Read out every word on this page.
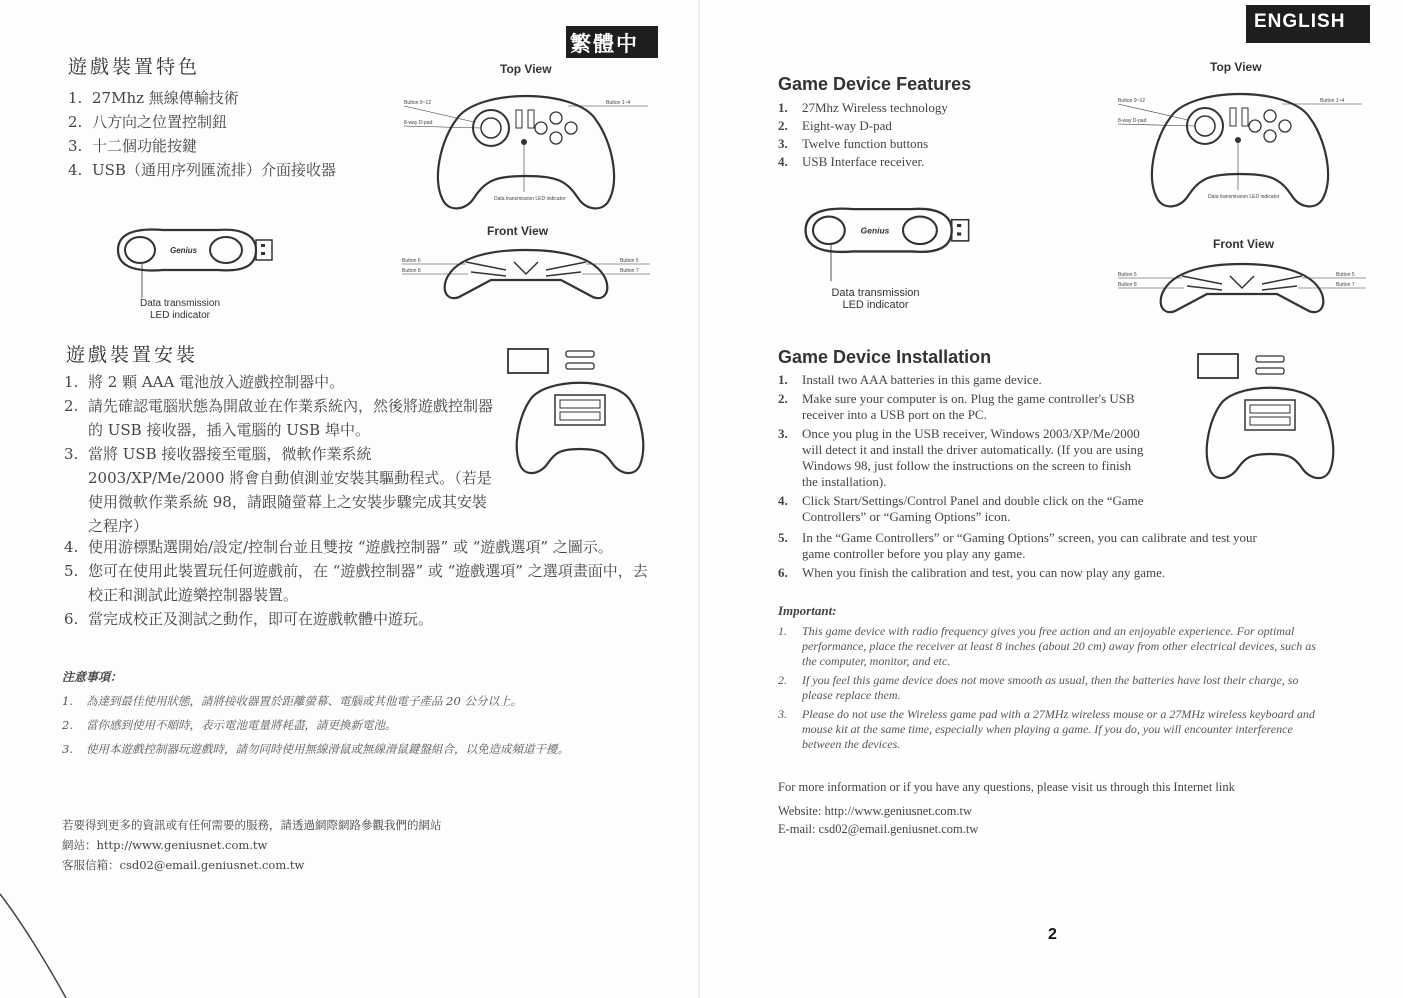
繁體中文
遊戲裝置特色
1. 27Mhz 無線傳輸技術
2. 八方向之位置控制鈕
3. 十二個功能按鍵
4. USB（通用序列匯流排）介面接收器
Top View
Button 9~12
8-way D-pad
Button 1~4
Data transmission LED indicator
Genius
Data transmission
LED indicator
Front View
Button 6
Button 8
Button 5
Button 7
遊戲裝置安裝
1. 將 2 顆 AAA 電池放入遊戲控制器中。
2. 請先確認電腦狀態為開啟並在作業系統內，然後將遊戲控制器的 USB 接收器，插入電腦的 USB 埠中。
3. 當將 USB 接收器接至電腦，微軟作業系統 2003/XP/Me/2000 將會自動偵測並安裝其驅動程式。（若是使用微軟作業系統 98，請跟隨螢幕上之安裝步驟完成其安裝之程序）
4. 使用游標點選開始/設定/控制台並且雙按 “遊戲控制器” 或 “遊戲選項” 之圖示。
5. 您可在使用此裝置玩任何遊戲前，在 “遊戲控制器” 或 “遊戲選項” 之選項畫面中，去校正和測試此遊樂控制器裝置。
6. 當完成校正及測試之動作，即可在遊戲軟體中遊玩。
注意事項：
1. 為達到最佳使用狀態，請將接收器置於距離螢幕、電腦或其他電子產品 20 公分以上。
2. 當你感到使用不順時，表示電池電量將耗盡，請更換新電池。
3. 使用本遊戲控制器玩遊戲時，請勿同時使用無線滑鼠或無線滑鼠鍵盤組合，以免造成頻道干擾。
若要得到更多的資訊或有任何需要的服務，請透過網際網路參觀我們的網站
網站：http://www.geniusnet.com.tw
客服信箱：csd02@email.geniusnet.com.tw
ENGLISH
Game Device Features
1. 27Mhz Wireless technology
2. Eight-way D-pad
3. Twelve function buttons
4. USB Interface receiver.
Top View
Button 9~12
8-way D-pad
Button 1~4
Data transmission LED indicator
Genius
Data transmission
LED indicator
Front View
Button 6
Button 8
Button 5
Button 7
Game Device Installation
1. Install two AAA batteries in this game device.
2. Make sure your computer is on. Plug the game controller's USB receiver into a USB port on the PC.
3. Once you plug in the USB receiver, Windows 2003/XP/Me/2000 will detect it and install the driver automatically. (If you are using Windows 98, just follow the instructions on the screen to finish the installation).
4. Click Start/Settings/Control Panel and double click on the “Game Controllers” or “Gaming Options” icon.
5. In the “Game Controllers” or “Gaming Options” screen, you can calibrate and test your game controller before you play any game.
6. When you finish the calibration and test, you can now play any game.
Important:
1. This game device with radio frequency gives you free action and an enjoyable experience. For optimal performance, place the receiver at least 8 inches (about 20 cm) away from other electrical devices, such as the computer, monitor, and etc.
2. If you feel this game device does not move smooth as usual, then the batteries have lost their charge, so please replace them.
3. Please do not use the Wireless game pad with a 27MHz wireless mouse or a 27MHz wireless keyboard and mouse kit at the same time, especially when playing a game. If you do, you will encounter interference between the devices.
For more information or if you have any questions, please visit us through this Internet link
Website: http://www.geniusnet.com.tw
E-mail: csd02@email.geniusnet.com.tw
2
